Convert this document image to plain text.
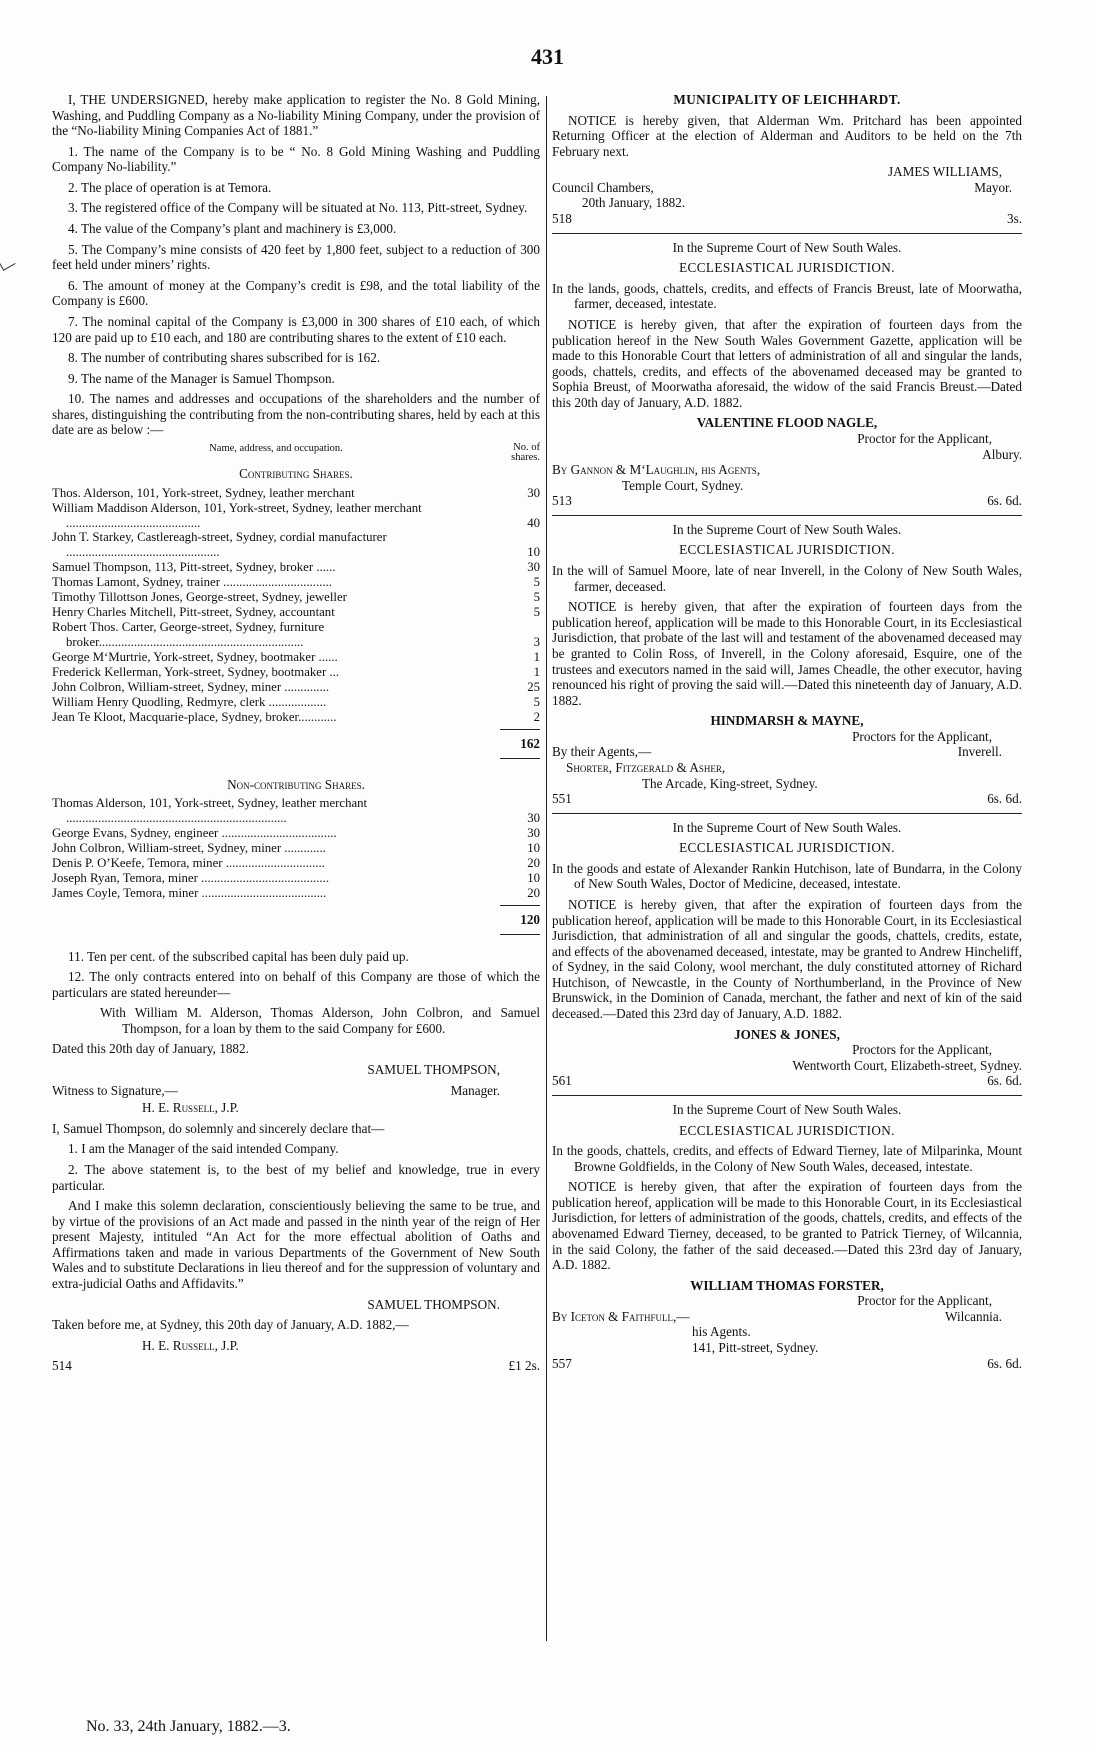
431

I, THE UNDERSIGNED, hereby make application to register the No. 8 Gold Mining, Washing, and Puddling Company as a No-liability Mining Company, under the provision of the “No-liability Mining Companies Act of 1881.”

1. The name of the Company is to be “ No. 8 Gold Mining Washing and Puddling Company No-liability.”

2. The place of operation is at Temora.

3. The registered office of the Company will be situated at No. 113, Pitt-street, Sydney.

4. The value of the Company’s plant and machinery is £3,000.

5. The Company’s mine consists of 420 feet by 1,800 feet, subject to a reduction of 300 feet held under miners’ rights.

6. The amount of money at the Company’s credit is £98, and the total liability of the Company is £600.

7. The nominal capital of the Company is £3,000 in 300 shares of £10 each, of which 120 are paid up to £10 each, and 180 are contributing shares to the extent of £10 each.

8. The number of contributing shares subscribed for is 162.

9. The name of the Manager is Samuel Thompson.

10. The names and addresses and occupations of the shareholders and the number of shares, distinguishing the contributing from the non-contributing shares, held by each at this date are as below :—

Name, address, and occupation.	No. of shares.

Contributing Shares.

Thos. Alderson, 101, York-street, Sydney, leather merchant	30
William Maddison Alderson, 101, York-street, Sydney, leather merchant ..........................................	40
John T. Starkey, Castlereagh-street, Sydney, cordial manufacturer ................................................	10
Samuel Thompson, 113, Pitt-street, Sydney, broker ......	30
Thomas Lamont, Sydney, trainer ..................................	5
Timothy Tillottson Jones, George-street, Sydney, jeweller	5
Henry Charles Mitchell, Pitt-street, Sydney, accountant	5
Robert Thos. Carter, George-street, Sydney, furniture broker................................................................	3
George M‘Murtrie, York-street, Sydney, bootmaker ......	1
Frederick Kellerman, York-street, Sydney, bootmaker ...	1
John Colbron, William-street, Sydney, miner ..............	25
William Henry Quodling, Redmyre, clerk ..................	5
Jean Te Kloot, Macquarie-place, Sydney, broker............	2
162

Non-contributing Shares.

Thomas Alderson, 101, York-street, Sydney, leather merchant .....................................................................	30
George Evans, Sydney, engineer ....................................	30
John Colbron, William-street, Sydney, miner .............	10
Denis P. O’Keefe, Temora, miner ...............................	20
Joseph Ryan, Temora, miner ........................................	10
James Coyle, Temora, miner .......................................	20
120

11. Ten per cent. of the subscribed capital has been duly paid up.

12. The only contracts entered into on behalf of this Company are those of which the particulars are stated hereunder—

With William M. Alderson, Thomas Alderson, John Colbron, and Samuel Thompson, for a loan by them to the said Company for £600.

Dated this 20th day of January, 1882.

SAMUEL THOMPSON,

Witness to Signature,—	Manager.

H. E. Russell, J.P.

I, Samuel Thompson, do solemnly and sincerely declare that—

1. I am the Manager of the said intended Company.

2. The above statement is, to the best of my belief and knowledge, true in every particular.

And I make this solemn declaration, conscientiously believing the same to be true, and by virtue of the provisions of an Act made and passed in the ninth year of the reign of Her present Majesty, intituled “An Act for the more effectual abolition of Oaths and Affirmations taken and made in various Departments of the Government of New South Wales and to substitute Declarations in lieu thereof and for the suppression of voluntary and extra-judicial Oaths and Affidavits.”

SAMUEL THOMPSON.

Taken before me, at Sydney, this 20th day of January, A.D. 1882,—

H. E. Russell, J.P.

514	£1 2s.

MUNICIPALITY OF LEICHHARDT.

NOTICE is hereby given, that Alderman Wm. Pritchard has been appointed Returning Officer at the election of Alderman and Auditors to be held on the 7th February next.

JAMES WILLIAMS,

Council Chambers,	Mayor.

20th January, 1882.

518	3s.

In the Supreme Court of New South Wales.

ECCLESIASTICAL JURISDICTION.

In the lands, goods, chattels, credits, and effects of Francis Breust, late of Moorwatha, farmer, deceased, intestate.

NOTICE is hereby given, that after the expiration of fourteen days from the publication hereof in the New South Wales Government Gazette, application will be made to this Honorable Court that letters of administration of all and singular the lands, goods, chattels, credits, and effects of the abovenamed deceased may be granted to Sophia Breust, of Moorwatha aforesaid, the widow of the said Francis Breust.—Dated this 20th day of January, A.D. 1882.

VALENTINE FLOOD NAGLE,

Proctor for the Applicant,

Albury.

By Gannon & M‘Laughlin, his Agents,

Temple Court, Sydney.

513	6s. 6d.

In the Supreme Court of New South Wales.

ECCLESIASTICAL JURISDICTION.

In the will of Samuel Moore, late of near Inverell, in the Colony of New South Wales, farmer, deceased.

NOTICE is hereby given, that after the expiration of fourteen days from the publication hereof, application will be made to this Honorable Court, in its Ecclesiastical Jurisdiction, that probate of the last will and testament of the abovenamed deceased may be granted to Colin Ross, of Inverell, in the Colony aforesaid, Esquire, one of the trustees and executors named in the said will, James Cheadle, the other executor, having renounced his right of proving the said will.—Dated this nineteenth day of January, A.D. 1882.

HINDMARSH & MAYNE,

Proctors for the Applicant,

By their Agents,—	Inverell.

Shorter, Fitzgerald & Asher,

The Arcade, King-street, Sydney.

551	6s. 6d.

In the Supreme Court of New South Wales.

ECCLESIASTICAL JURISDICTION.

In the goods and estate of Alexander Rankin Hutchison, late of Bundarra, in the Colony of New South Wales, Doctor of Medicine, deceased, intestate.

NOTICE is hereby given, that after the expiration of fourteen days from the publication hereof, application will be made to this Honorable Court, in its Ecclesiastical Jurisdiction, that administration of all and singular the goods, chattels, credits, estate, and effects of the abovenamed deceased, intestate, may be granted to Andrew Hincheliff, of Sydney, in the said Colony, wool merchant, the duly constituted attorney of Richard Hutchison, of Newcastle, in the County of Northumberland, in the Province of New Brunswick, in the Dominion of Canada, merchant, the father and next of kin of the said deceased.—Dated this 23rd day of January, A.D. 1882.

JONES & JONES,

Proctors for the Applicant,

Wentworth Court, Elizabeth-street, Sydney.

561	6s. 6d.

In the Supreme Court of New South Wales.

ECCLESIASTICAL JURISDICTION.

In the goods, chattels, credits, and effects of Edward Tierney, late of Milparinka, Mount Browne Goldfields, in the Colony of New South Wales, deceased, intestate.

NOTICE is hereby given, that after the expiration of fourteen days from the publication hereof, application will be made to this Honorable Court, in its Ecclesiastical Jurisdiction, for letters of administration of the goods, chattels, credits, and effects of the abovenamed Edward Tierney, deceased, to be granted to Patrick Tierney, of Wilcannia, in the said Colony, the father of the said deceased.—Dated this 23rd day of January, A.D. 1882.

WILLIAM THOMAS FORSTER,

Proctor for the Applicant,

By Iceton & Faithfull,—	Wilcannia.

his Agents.

141, Pitt-street, Sydney.

557	6s. 6d.
No. 33, 24th January, 1882.—3.
